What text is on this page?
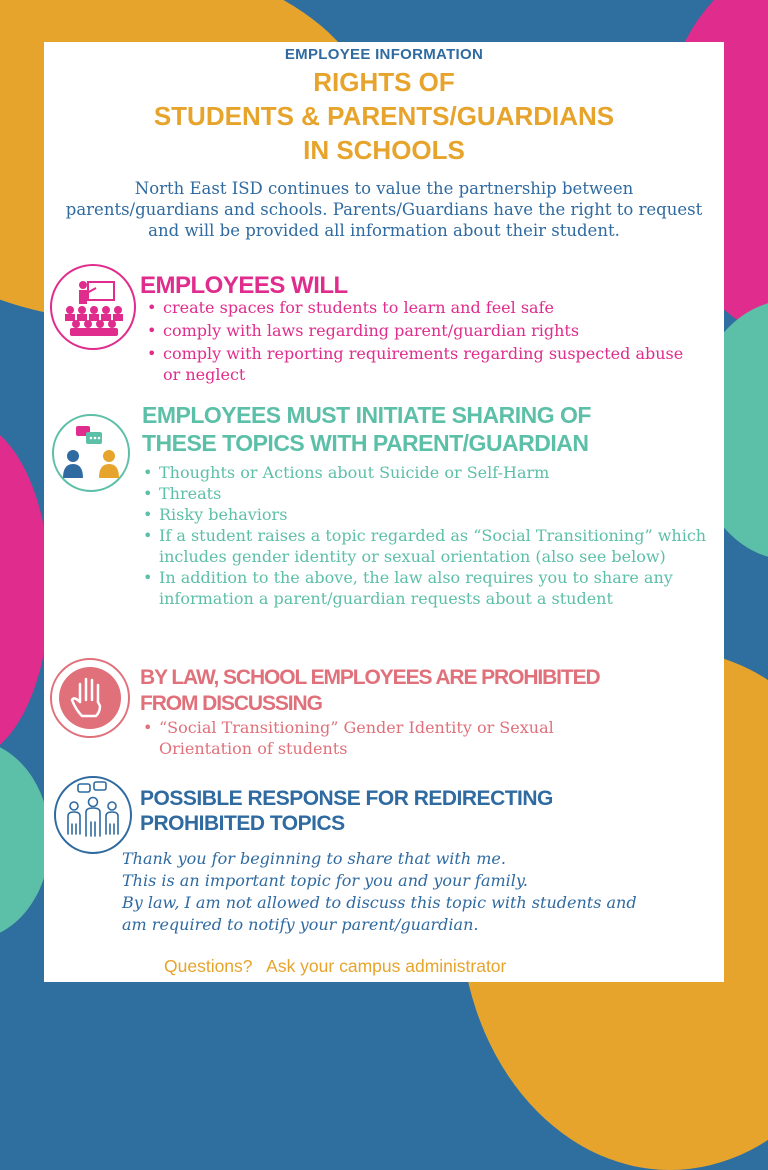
EMPLOYEE INFORMATION
RIGHTS OF
STUDENTS & PARENTS/GUARDIANS
IN SCHOOLS
North East ISD continues to value the partnership between parents/guardians and schools. Parents/Guardians have the right to request and will be provided all information about their student.
EMPLOYEES WILL
• create spaces for students to learn and feel safe
• comply with laws regarding parent/guardian rights
• comply with reporting requirements regarding suspected abuse or neglect
EMPLOYEES MUST INITIATE SHARING OF
THESE TOPICS WITH PARENT/GUARDIAN
• Thoughts or Actions about Suicide or Self-Harm
• Threats
• Risky behaviors
• If a student raises a topic regarded as “Social Transitioning” which includes gender identity or sexual orientation (also see below)
• In addition to the above, the law also requires you to share any information a parent/guardian requests about a student
BY LAW, SCHOOL EMPLOYEES ARE PROHIBITED
FROM DISCUSSING
• “Social Transitioning” Gender Identity or Sexual Orientation of students
POSSIBLE RESPONSE FOR REDIRECTING
PROHIBITED TOPICS
Thank you for beginning to share that with me.
This is an important topic for you and your family.
By law, I am not allowed to discuss this topic with students and
am required to notify your parent/guardian.
Questions?   Ask your campus administrator
